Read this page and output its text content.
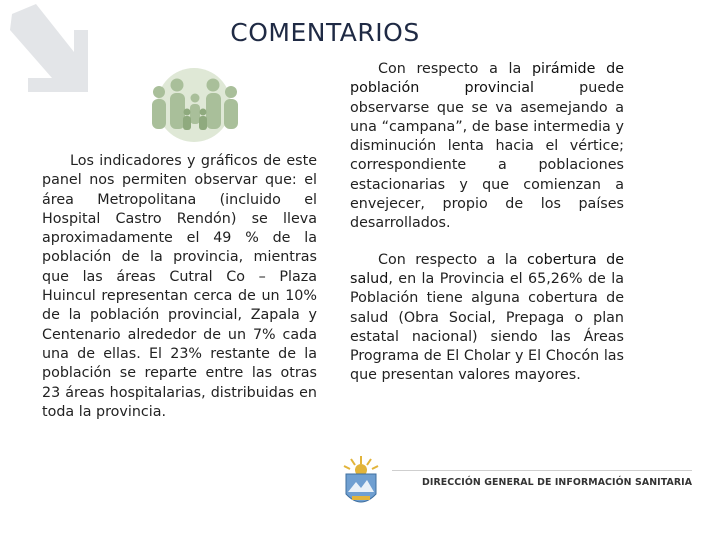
COMENTARIOS
Los indicadores y gráficos de este panel nos permiten observar que: el área Metropolitana (incluido el Hospital Castro Rendón) se lleva aproximadamente el 49 % de la población de la provincia, mientras que las áreas Cutral Co – Plaza Huincul representan cerca de un 10% de la población provincial, Zapala y Centenario alrededor de un 7% cada una de ellas. El 23% restante de la población se reparte entre las otras 23 áreas hospitalarias, distribuidas en toda la provincia.

Con respecto a la pirámide de población provincial puede observarse que se va asemejando a una “campana”, de base intermedia y disminución lenta hacia el vértice; correspondiente a poblaciones estacionarias y que comienzan a envejecer, propio de los países desarrollados.

Con respecto a la cobertura de salud, en la Provincia el 65,26% de la Población tiene alguna cobertura de salud (Obra Social, Prepaga o plan estatal nacional) siendo las Áreas Programa de El Cholar y El Chocón las que presentan valores mayores.

DIRECCIÓN GENERAL DE INFORMACIÓN SANITARIA
